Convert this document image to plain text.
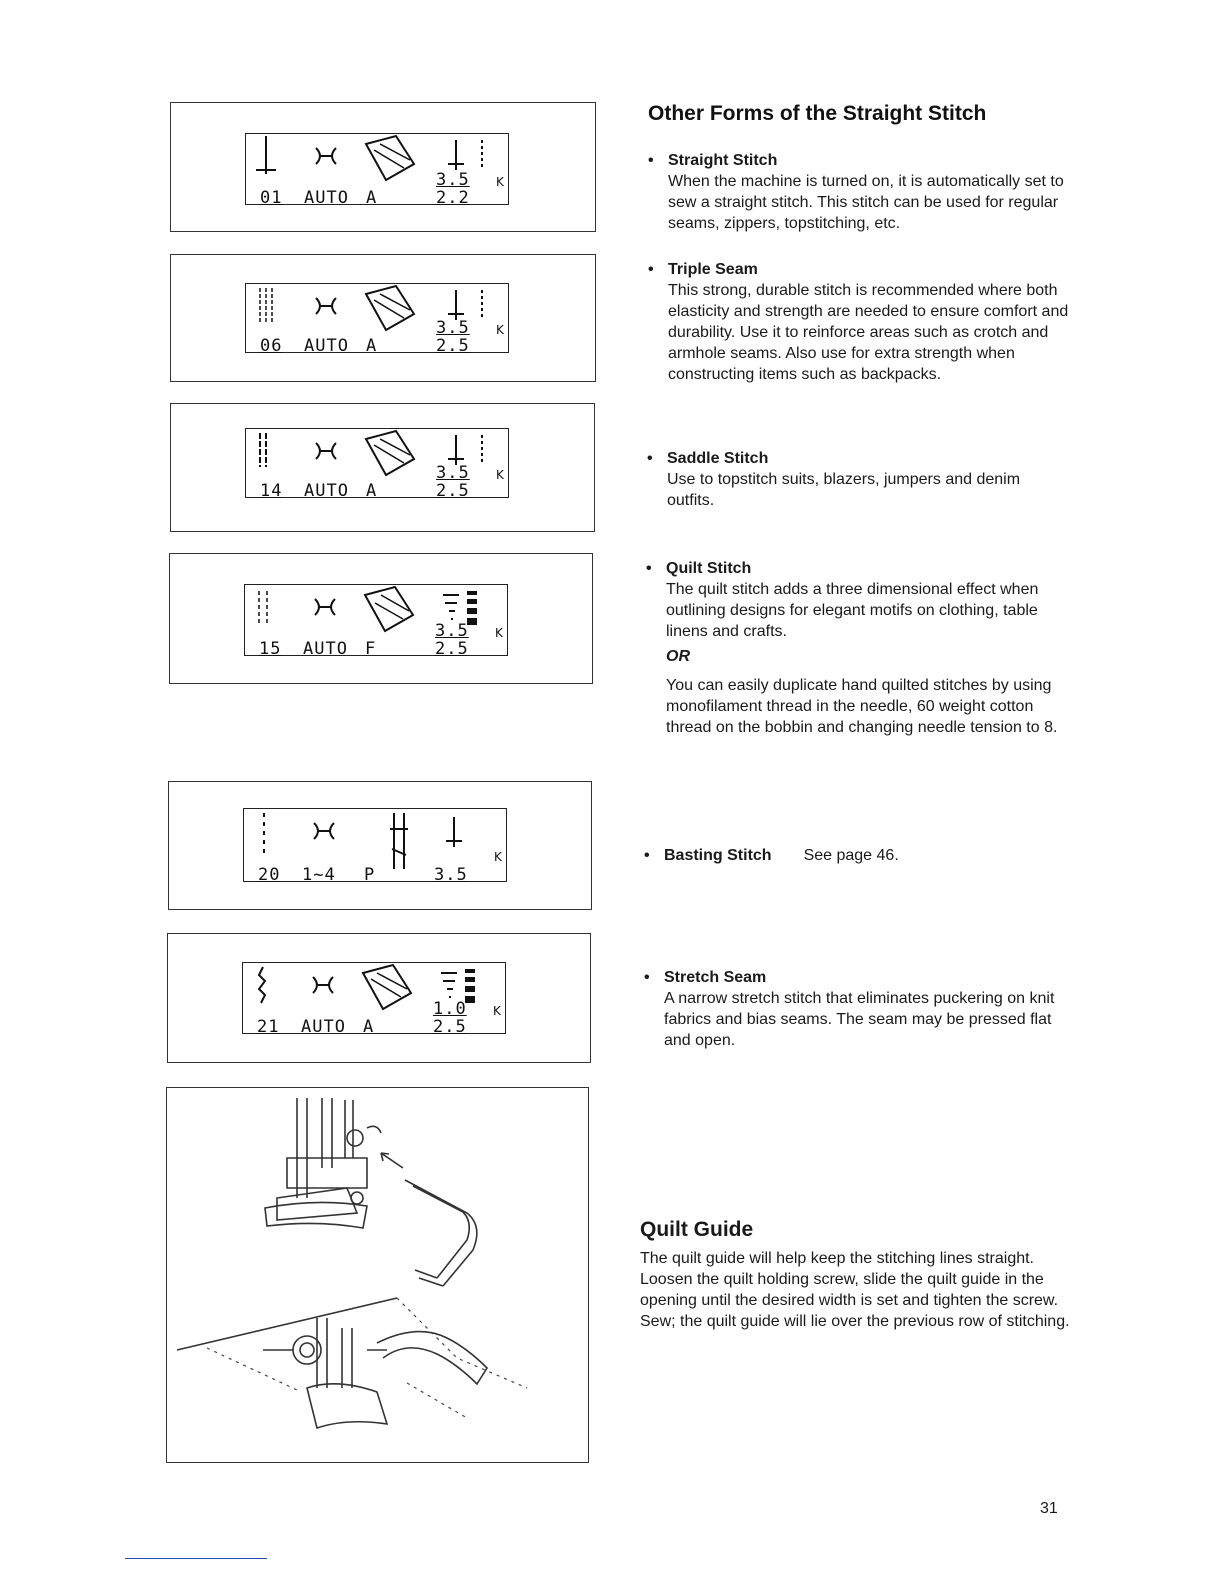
K
01 AUTO A
3.5 2.2
K
06 AUTO A
3.5 2.5
K
14 AUTO A
3.5 2.5
K
15 AUTO F
3.5 2.5
K
20 1~4 P	3.5
K
21 AUTO A
1.0 2.5
Other Forms of the Straight Stitch
• Straight Stitch
When the machine is turned on, it is automatically set to sew a straight stitch. This stitch can be used for regular seams, zippers, topstitching, etc.
• Triple Seam
This strong, durable stitch is recommended where both elasticity and strength are needed to ensure comfort and durability. Use it to reinforce areas such as crotch and armhole seams. Also use for extra strength when constructing items such as backpacks.
• Saddle Stitch
Use to topstitch suits, blazers, jumpers and denim outfits.
• Quilt Stitch
The quilt stitch adds a three dimensional effect when outlining designs for elegant motifs on clothing, table linens and crafts.
OR
You can easily duplicate hand quilted stitches by using monofilament thread in the needle, 60 weight cotton thread on the bobbin and changing needle tension to 8.
• Basting Stitch See page 46.
• Stretch Seam
A narrow stretch stitch that eliminates puckering on knit fabrics and bias seams. The seam may be pressed flat and open.
Quilt Guide
The quilt guide will help keep the stitching lines straight. Loosen the quilt holding screw, slide the quilt guide in the opening until the desired width is set and tighten the screw. Sew; the quilt guide will lie over the previous row of stitching.
31
